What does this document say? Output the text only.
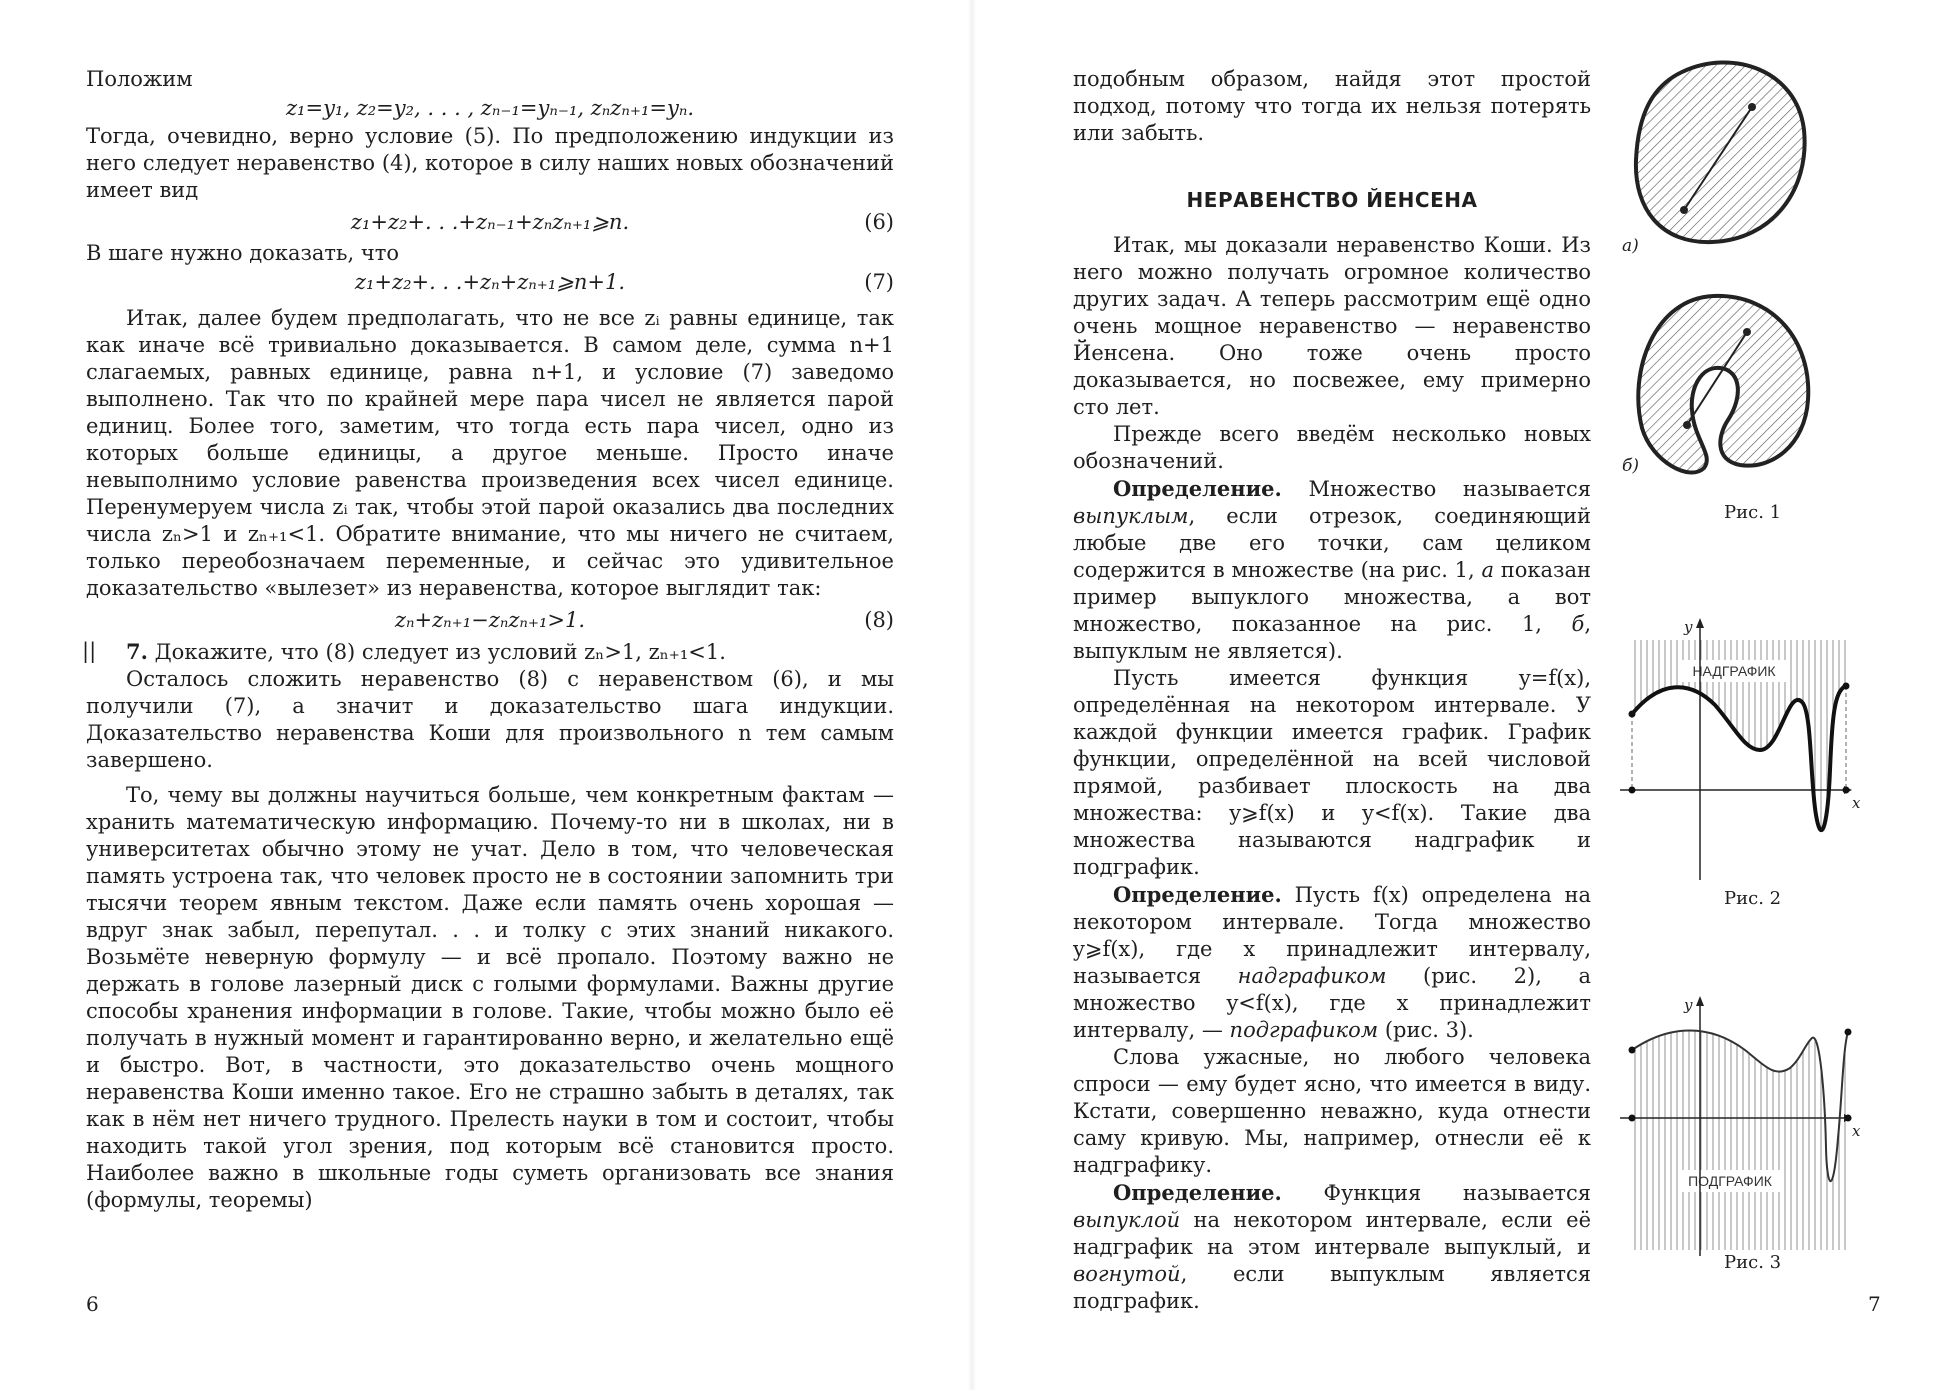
Положим

z₁=y₁, z₂=y₂, . . . , zₙ₋₁=yₙ₋₁, zₙzₙ₊₁=yₙ.

Тогда, очевидно, верно условие (5). По предположению индукции из него следует неравенство (4), которое в силу наших новых обозначений имеет вид

z₁+z₂+. . .+zₙ₋₁+zₙzₙ₊₁⩾n.	(6)

В шаге нужно доказать, что

z₁+z₂+. . .+zₙ+zₙ₊₁⩾n+1.	(7)

Итак, далее будем предполагать, что не все zᵢ равны единице, так как иначе всё тривиально доказывается. В самом деле, сумма n+1 слагаемых, равных единице, равна n+1, и условие (7) заведомо выполнено. Так что по крайней мере пара чисел не является парой единиц. Более того, заметим, что тогда есть пара чисел, одно из которых больше единицы, а другое меньше. Просто иначе невыполнимо условие равенства произведения всех чисел единице. Перенумеруем числа zᵢ так, чтобы этой парой оказались два последних числа zₙ>1 и zₙ₊₁<1. Обратите внимание, что мы ничего не считаем, только переобозначаем переменные, и сейчас это удивительное доказательство «вылезет» из неравенства, которое выглядит так:

zₙ+zₙ₊₁−zₙzₙ₊₁>1.	(8)

|| 7. Докажите, что (8) следует из условий zₙ>1, zₙ₊₁<1.

Осталось сложить неравенство (8) с неравенством (6), и мы получили (7), а значит и доказательство шага индукции. Доказательство неравенства Коши для произвольного n тем самым завершено.

То, чему вы должны научиться больше, чем конкретным фактам — хранить математическую информацию. Почему-то ни в школах, ни в университетах обычно этому не учат. Дело в том, что человеческая память устроена так, что человек просто не в состоянии запомнить три тысячи теорем явным текстом. Даже если память очень хорошая — вдруг знак забыл, перепутал. . . и толку с этих знаний никакого. Возьмёте неверную формулу — и всё пропало. Поэтому важно не держать в голове лазерный диск с голыми формулами. Важны другие способы хранения информации в голове. Такие, чтобы можно было её получать в нужный момент и гарантированно верно, и желательно ещё и быстро. Вот, в частности, это доказательство очень мощного неравенства Коши именно такое. Его не страшно забыть в деталях, так как в нём нет ничего трудного. Прелесть науки в том и состоит, чтобы находить такой угол зрения, под которым всё становится просто. Наиболее важно в школьные годы суметь организовать все знания (формулы, теоремы)

6

подобным образом, найдя этот простой подход, потому что тогда их нельзя потерять или забыть.

НЕРАВЕНСТВО ЙЕНСЕНА

Итак, мы доказали неравенство Коши. Из него можно получать огромное количество других задач. А теперь рассмотрим ещё одно очень мощное неравенство — неравенство Йенсена. Оно тоже очень просто доказывается, но посвежее, ему примерно сто лет.

Прежде всего введём несколько новых обозначений.

Определение. Множество называется выпуклым, если отрезок, соединяющий любые две его точки, сам целиком содержится в множестве (на рис. 1, а показан пример выпуклого множества, а вот множество, показанное на рис. 1, б, выпуклым не является).

Пусть имеется функция y=f(x), определённая на некотором интервале. У каждой функции имеется график. График функции, определённой на всей числовой прямой, разбивает плоскость на два множества: y⩾f(x) и y<f(x). Такие два множества называются надграфик и подграфик.

Определение. Пусть f(x) определена на некотором интервале. Тогда множество y⩾f(x), где x принадлежит интервалу, называется надграфиком (рис. 2), а множество y<f(x), где x принадлежит интервалу, — подграфиком (рис. 3).

Слова ужасные, но любого человека спроси — ему будет ясно, что имеется в виду. Кстати, совершенно неважно, куда отнести саму кривую. Мы, например, отнесли её к надграфику.

Определение. Функция называется выпуклой на некотором интервале, если её надграфик на этом интервале выпуклый, и вогнутой, если выпуклым является подграфик.

а)
б)
Рис. 1
НАДГРАФИК
x
y
Рис. 2
ПОДГРАФИК
x
y
Рис. 3
7
